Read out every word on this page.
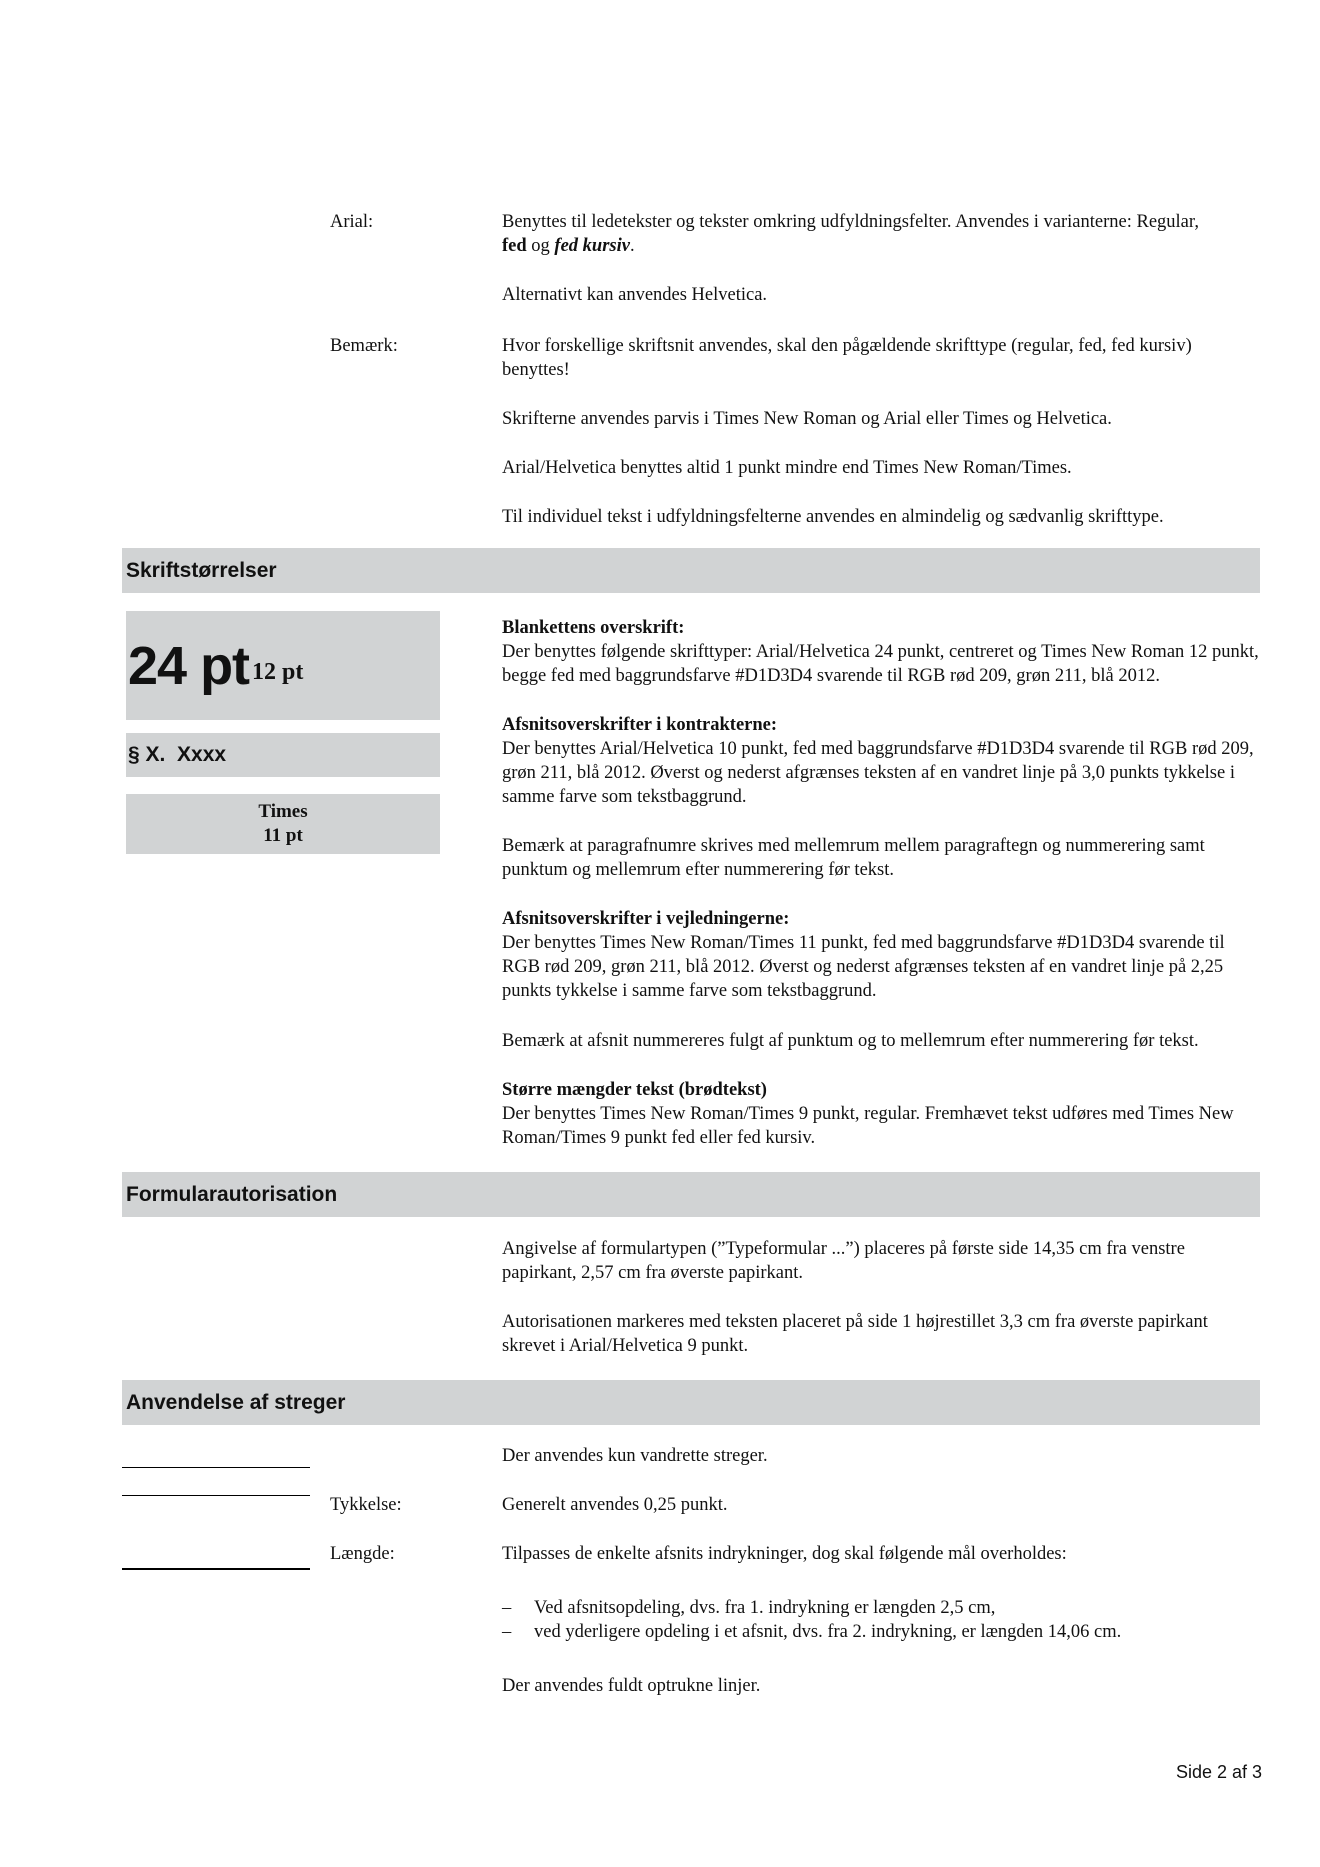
Arial:	Benyttes til ledetekster og tekster omkring udfyldningsfelter. Anvendes i varianterne: Regular,
fed og fed kursiv.
Alternativt kan anvendes Helvetica.
Bemærk:	Hvor forskellige skriftsnit anvendes, skal den pågældende skrifttype (regular, fed, fed kursiv) benyttes!
Skrifterne anvendes parvis i Times New Roman og Arial eller Times og Helvetica.
Arial/Helvetica benyttes altid 1 punkt mindre end Times New Roman/Times.
Til individuel tekst i udfyldningsfelterne anvendes en almindelig og sædvanlig skrifttype.
Skriftstørrelser
24 pt 12 pt
§ X.  Xxxx
Times
11 pt

Blankettens overskrift:

Der benyttes følgende skrifttyper: Arial/Helvetica 24 punkt, centreret og Times New Roman 12 punkt, begge fed med baggrundsfarve #D1D3D4 svarende til RGB rød 209, grøn 211, blå 2012.

Afsnitsoverskrifter i kontrakterne:

Der benyttes Arial/Helvetica 10 punkt, fed med baggrundsfarve #D1D3D4 svarende til RGB rød 209, grøn 211, blå 2012. Øverst og nederst afgrænses teksten af en vandret linje på 3,0 punkts tykkelse i samme farve som tekstbaggrund.

Bemærk at paragrafnumre skrives med mellemrum mellem paragraftegn og nummerering samt punktum og mellemrum efter nummerering før tekst.

Afsnitsoverskrifter i vejledningerne:

Der benyttes Times New Roman/Times 11 punkt, fed med baggrundsfarve #D1D3D4 svarende til RGB rød 209, grøn 211, blå 2012. Øverst og nederst afgrænses teksten af en vandret linje på 2,25 punkts tykkelse i samme farve som tekstbaggrund.

Bemærk at afsnit nummereres fulgt af punktum og to mellemrum efter nummerering før tekst.

Større mængder tekst (brødtekst)

Der benyttes Times New Roman/Times 9 punkt, regular. Fremhævet tekst udføres med Times New Roman/Times 9 punkt fed eller fed kursiv.

Formularautorisation
Angivelse af formulartypen (”Typeformular ...”) placeres på første side 14,35 cm fra venstre papirkant, 2,57 cm fra øverste papirkant.
Autorisationen markeres med teksten placeret på side 1 højrestillet 3,3 cm fra øverste papirkant skrevet i Arial/Helvetica 9 punkt.
Anvendelse af streger
Der anvendes kun vandrette streger.
Tykkelse:	Generelt anvendes 0,25 punkt.
Længde:	Tilpasses de enkelte afsnits indrykninger, dog skal følgende mål overholdes:
– Ved afsnitsopdeling, dvs. fra 1. indrykning er længden 2,5 cm,
– ved yderligere opdeling i et afsnit, dvs. fra 2. indrykning, er længden 14,06 cm.
Der anvendes fuldt optrukne linjer.
Side 2 af 3
